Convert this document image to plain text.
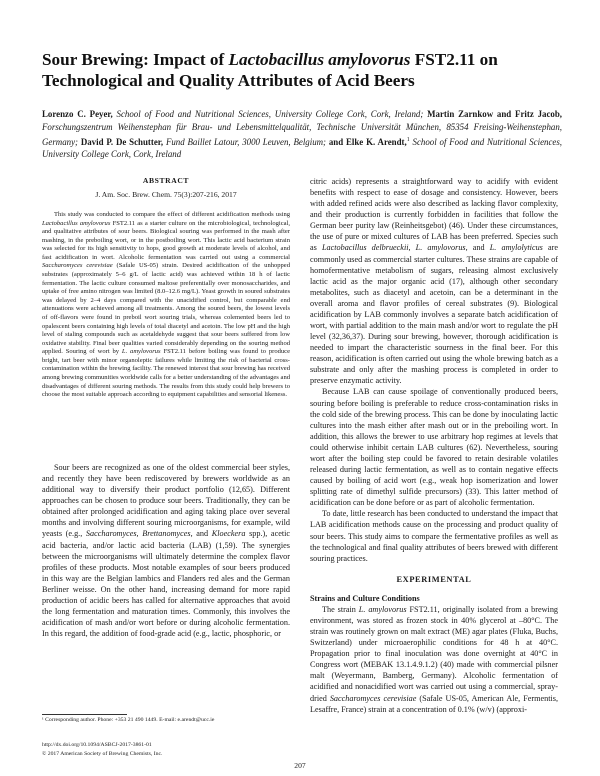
Sour Brewing: Impact of Lactobacillus amylovorus FST2.11 on Technological and Quality Attributes of Acid Beers
Lorenzo C. Peyer, School of Food and Nutritional Sciences, University College Cork, Cork, Ireland; Martin Zarnkow and Fritz Jacob, Forschungszentrum Weihenstephan für Brau- und Lebensmittelqualität, Technische Universität München, 85354 Freising-Weihenstephan, Germany; David P. De Schutter, Fund Baillet Latour, 3000 Leuven, Belgium; and Elke K. Arendt,$^1$ School of Food and Nutritional Sciences, University College Cork, Cork, Ireland
ABSTRACT
J. Am. Soc. Brew. Chem. 75(3):207-216, 2017
This study was conducted to compare the effect of different acidification methods using Lactobacillus amylovorus FST2.11 as a starter culture on the microbiological, technological, and qualitative attributes of sour beers. Biological souring was performed in the mash after mashing, in the preboiling wort, or in the postboiling wort. This lactic acid bacterium strain was selected for its high sensitivity to hops, good growth at moderate levels of alcohol, and fast acidification in wort. Alcoholic fermentation was carried out using a commercial Saccharomyces cerevisiae (Safale US-05) strain. Desired acidification of the unhopped substrates (approximately 5–6 g/L of lactic acid) was achieved within 18 h of lactic fermentation. The lactic culture consumed maltose preferentially over monosaccharides, and uptake of free amino nitrogen was limited (8.0–12.6 mg/L). Yeast growth in soured substrates was delayed by 2–4 days compared with the unacidified control, but comparable end attenuations were achieved among all treatments. Among the soured beers, the lowest levels of off-flavors were found in preboil wort souring trials, whereas colemented beers led to opalescent beers containing high levels of total diacetyl and acetoin. The low pH and the high level of staling compounds such as acetaldehyde suggest that sour beers suffered from low oxidative stability. Final beer qualities varied considerably depending on the souring method applied. Souring of wort by L. amylovorus FST2.11 before boiling was found to produce bright, tart beer with minor organoleptic failures while limiting the risk of bacterial cross-contamination within the brewing facility. The renewed interest that sour brewing has received among brewing communities worldwide calls for a better understanding of the advantages and disadvantages of different souring methods. The results from this study could help brewers to choose the most suitable approach according to equipment capabilities and sensorial likeness.

Sour beers are recognized as one of the oldest commercial beer styles, and recently they have been rediscovered by brewers worldwide as an additional way to diversify their product portfolio (12,65). Different approaches can be chosen to produce sour beers. Traditionally, they can be obtained after prolonged acidification and aging taking place over several months and involving different souring microorganisms, for example, wild yeasts (e.g., Saccharomyces, Brettanomyces, and Kloeckera spp.), acetic acid bacteria, and/or lactic acid bacteria (LAB) (1,59). The synergies between the microorganisms will ultimately determine the complex flavor profiles of these products. Most notable examples of sour beers produced in this way are the Belgian lambics and Flanders red ales and the German Berliner weisse. On the other hand, increasing demand for more rapid production of acidic beers has called for alternative approaches that avoid the long fermentation and maturation times. Commonly, this involves the acidification of mash and/or wort before or during alcoholic fermentation. In this regard, the addition of food-grade acid (e.g., lactic, phosphoric, or

¹ Corresponding author. Phone: +353 21 490 1449. E-mail: e.arendt@ucc.ie
http://dx.doi.org/10.1094/ASBCJ-2017-3861-01
© 2017 American Society of Brewing Chemists, Inc.

citric acids) represents a straightforward way to acidify with evident benefits with respect to ease of dosage and consistency. However, beers with added refined acids were also described as lacking flavor complexity, and their production is currently forbidden in facilities that follow the German beer purity law (Reinheitsgebot) (46). Under these circumstances, the use of pure or mixed cultures of LAB has been preferred. Species such as Lactobacillus delbrueckii, L. amylovorus, and L. amylolyticus are commonly used as commercial starter cultures. These strains are capable of homofermentative metabolism of sugars, releasing almost exclusively lactic acid as the major organic acid (17), although other secondary metabolites, such as diacetyl and acetoin, can be a determinant in the overall aroma and flavor profiles of cereal substrates (9). Biological acidification by LAB commonly involves a separate batch acidification of wort, with partial addition to the main mash and/or wort to regulate the pH level (32,36,37). During sour brewing, however, thorough acidification is needed to impart the characteristic sourness in the final beer. For this reason, acidification is often carried out using the whole brewing batch as a substrate and only after the mashing process is completed in order to preserve enzymatic activity.

Because LAB can cause spoilage of conventionally produced beers, souring before boiling is preferable to reduce cross-contamination risks in the cold side of the brewing process. This can be done by inoculating lactic cultures into the mash either after mash out or in the preboiling wort. In addition, this allows the brewer to use arbitrary hop regimes at levels that could otherwise inhibit certain LAB cultures (62). Nevertheless, souring wort after the boiling step could be favored to retain desirable volatiles released during lactic fermentation, as well as to contain negative effects caused by boiling of acid wort (e.g., weak hop isomerization and lower splitting rate of dimethyl sulfide precursors) (33). This latter method of acidification can be done before or as part of alcoholic fermentation.

To date, little research has been conducted to understand the impact that LAB acidification methods cause on the processing and product quality of sour beers. This study aims to compare the fermentative profiles as well as the technological and final quality attributes of beers brewed with different souring practices.

EXPERIMENTAL

Strains and Culture Conditions

The strain L. amylovorus FST2.11, originally isolated from a brewing environment, was stored as frozen stock in 40% glycerol at –80°C. The strain was routinely grown on malt extract (ME) agar plates (Fluka, Buchs, Switzerland) under microaerophilic conditions for 48 h at 40°C. Propagation prior to final inoculation was done overnight at 40°C in Congress wort (MEBAK 13.1.4.9.1.2) (40) made with commercial pilsner malt (Weyermann, Bamberg, Germany). Alcoholic fermentation of acidified and nonacidified wort was carried out using a commercial, spray-dried Saccharomyces cerevisiae (Safale US-05, American Ale, Fermentis, Lesaffre, France) strain at a concentration of 0.1% (w/v) (approxi-

207
